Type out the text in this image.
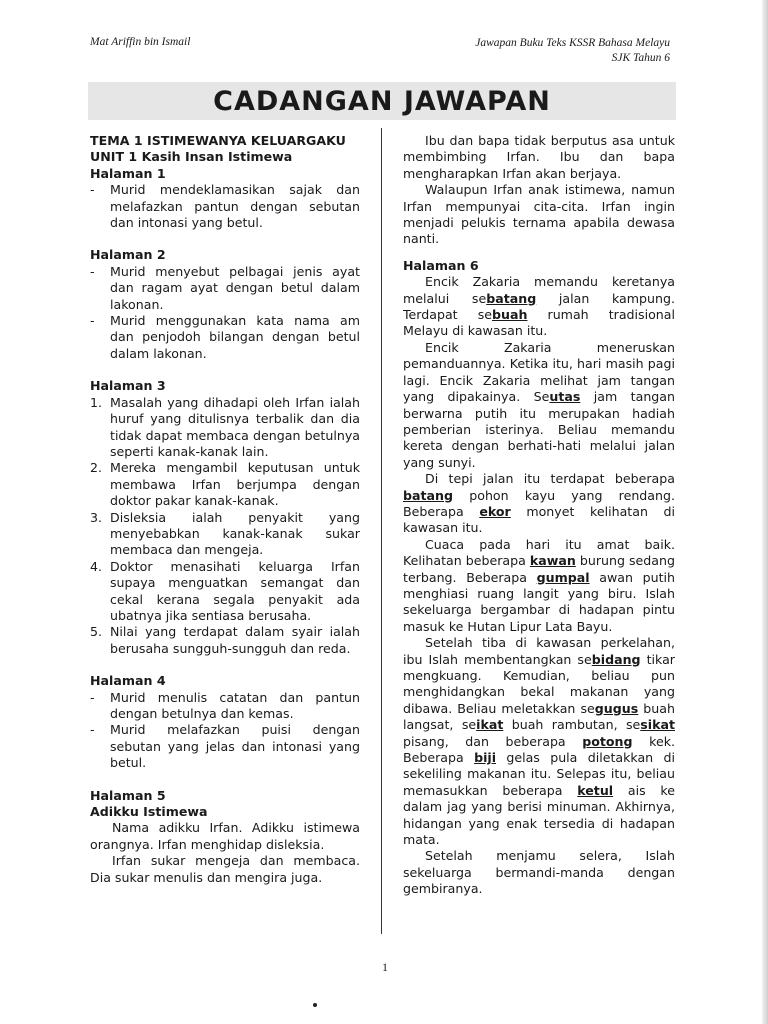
Mat Ariffin bin Ismail	Jawapan Buku Teks KSSR Bahasa Melayu
SJK Tahun 6
CADANGAN JAWAPAN
TEMA 1 ISTIMEWANYA KELUARGAKU
UNIT 1 Kasih Insan Istimewa
Halaman 1
-	Murid mendeklamasikan sajak dan melafazkan pantun dengan sebutan dan intonasi yang betul.
Halaman 2
-	Murid menyebut pelbagai jenis ayat dan ragam ayat dengan betul dalam lakonan.
-	Murid menggunakan kata nama am dan penjodoh bilangan dengan betul dalam lakonan.
Halaman 3
1. Masalah yang dihadapi oleh Irfan ialah huruf yang ditulisnya terbalik dan dia tidak dapat membaca dengan betulnya seperti kanak-kanak lain.
2. Mereka mengambil keputusan untuk membawa Irfan berjumpa dengan doktor pakar kanak-kanak.
3. Disleksia ialah penyakit yang menyebabkan kanak-kanak sukar membaca dan mengeja.
4. Doktor menasihati keluarga Irfan supaya menguatkan semangat dan cekal kerana segala penyakit ada ubatnya jika sentiasa berusaha.
5. Nilai yang terdapat dalam syair ialah berusaha sungguh-sungguh dan reda.
Halaman 4
-	Murid menulis catatan dan pantun dengan betulnya dan kemas.
-	Murid melafazkan puisi dengan sebutan yang jelas dan intonasi yang betul.
Halaman 5
Adikku Istimewa

Nama adikku Irfan. Adikku istimewa orangnya. Irfan menghidap disleksia.

Irfan sukar mengeja dan membaca. Dia sukar menulis dan mengira juga.

Ibu dan bapa tidak berputus asa untuk membimbing Irfan. Ibu dan bapa mengharapkan Irfan akan berjaya.

Walaupun Irfan anak istimewa, namun Irfan mempunyai cita-cita. Irfan ingin menjadi pelukis ternama apabila dewasa nanti.

Halaman 6

Encik Zakaria memandu keretanya melalui sebatang jalan kampung. Terdapat sebuah rumah tradisional Melayu di kawasan itu.

Encik Zakaria meneruskan pemanduannya. Ketika itu, hari masih pagi lagi. Encik Zakaria melihat jam tangan yang dipakainya. Seutas jam tangan berwarna putih itu merupakan hadiah pemberian isterinya. Beliau memandu kereta dengan berhati-hati melalui jalan yang sunyi.

Di tepi jalan itu terdapat beberapa batang pohon kayu yang rendang. Beberapa ekor monyet kelihatan di kawasan itu.

Cuaca pada hari itu amat baik. Kelihatan beberapa kawan burung sedang terbang. Beberapa gumpal awan putih menghiasi ruang langit yang biru. Islah sekeluarga bergambar di hadapan pintu masuk ke Hutan Lipur Lata Bayu.

Setelah tiba di kawasan perkelahan, ibu Islah membentangkan sebidang tikar mengkuang. Kemudian, beliau pun menghidangkan bekal makanan yang dibawa. Beliau meletakkan segugus buah langsat, seikat buah rambutan, sesikat pisang, dan beberapa potong kek. Beberapa biji gelas pula diletakkan di sekeliling makanan itu. Selepas itu, beliau memasukkan beberapa ketul ais ke dalam jag yang berisi minuman. Akhirnya, hidangan yang enak tersedia di hadapan mata.

Setelah menjamu selera, Islah sekeluarga bermandi-manda dengan gembiranya.

1
